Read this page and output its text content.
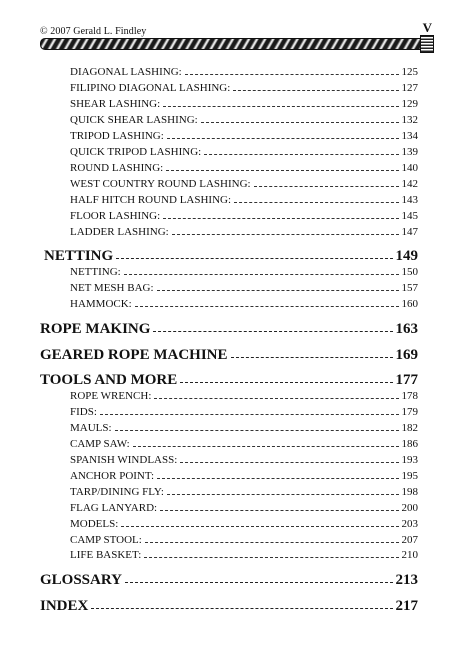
© 2007 Gerald L. Findley	V
DIAGONAL LASHING:	125
FILIPINO DIAGONAL LASHING:	127
SHEAR LASHING:	129
QUICK SHEAR LASHING:	132
TRIPOD LASHING:	134
QUICK TRIPOD LASHING:	139
ROUND LASHING:	140
WEST COUNTRY ROUND LASHING:	142
HALF HITCH ROUND LASHING:	143
FLOOR LASHING:	145
LADDER LASHING:	147
NETTING	149
NETTING:	150
NET MESH BAG:	157
HAMMOCK:	160
ROPE MAKING	163
GEARED ROPE MACHINE	169
TOOLS AND MORE	177
ROPE WRENCH:	178
FIDS:	179
MAULS:	182
CAMP SAW:	186
SPANISH WINDLASS:	193
ANCHOR POINT:	195
TARP/DINING FLY:	198
FLAG LANYARD:	200
MODELS:	203
CAMP STOOL:	207
LIFE BASKET:	210
GLOSSARY	213
INDEX	217
